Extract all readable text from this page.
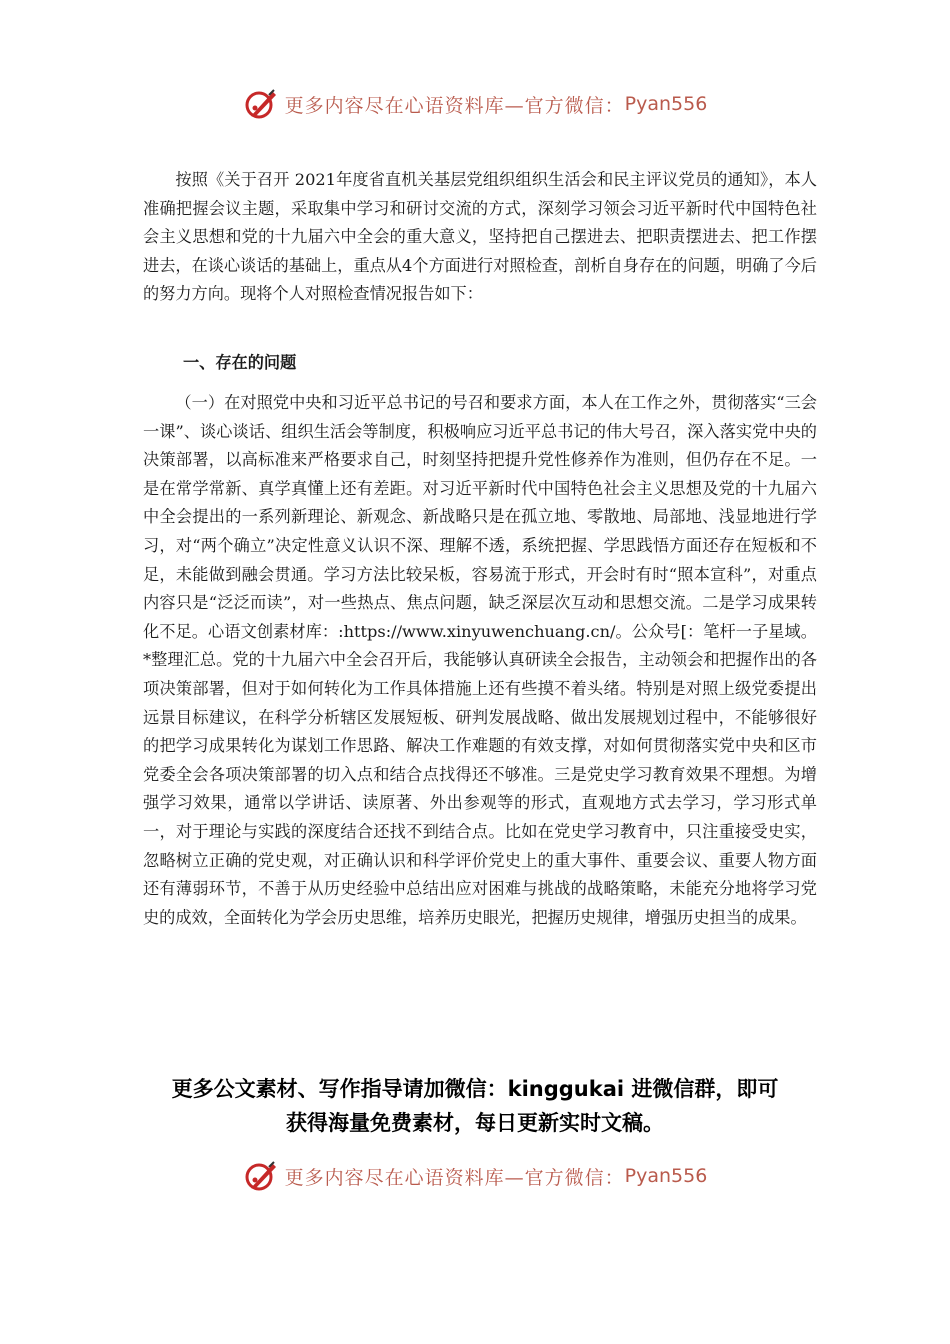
更多内容尽在心语资料库—官方微信： Pyan556

按照《关于召开 2021年度省直机关基层党组织组织生活会和民主评议党员的通知》，本人准确把握会议主题，采取集中学习和研讨交流的方式，深刻学习领会习近平新时代中国特色社会主义思想和党的十九届六中全会的重大意义，坚持把自己摆进去、把职责摆进去、把工作摆进去，在谈心谈话的基础上，重点从4个方面进行对照检查，剖析自身存在的问题，明确了今后的努力方向。现将个人对照检查情况报告如下：

一、存在的问题

（一）在对照党中央和习近平总书记的号召和要求方面，本人在工作之外，贯彻落实“三会一课”、谈心谈话、组织生活会等制度，积极响应习近平总书记的伟大号召，深入落实党中央的决策部署，以高标准来严格要求自己，时刻坚持把提升党性修养作为准则，但仍存在不足。一是在常学常新、真学真懂上还有差距。对习近平新时代中国特色社会主义思想及党的十九届六中全会提出的一系列新理论、新观念、新战略只是在孤立地、零散地、局部地、浅显地进行学习，对“两个确立”决定性意义认识不深、理解不透，系统把握、学思践悟方面还存在短板和不足，未能做到融会贯通。学习方法比较呆板，容易流于形式，开会时有时“照本宣科”，对重点内容只是“泛泛而读”，对一些热点、焦点问题，缺乏深层次互动和思想交流。二是学习成果转化不足。心语文创素材库：:https://www.xinyuwenchuang.cn/。公众号[：笔杆一子星域。*整理汇总。党的十九届六中全会召开后，我能够认真研读全会报告，主动领会和把握作出的各项决策部署，但对于如何转化为工作具体措施上还有些摸不着头绪。特别是对照上级党委提出远景目标建议，在科学分析辖区发展短板、研判发展战略、做出发展规划过程中，不能够很好的把学习成果转化为谋划工作思路、解决工作难题的有效支撑，对如何贯彻落实党中央和区市党委全会各项决策部署的切入点和结合点找得还不够准。三是党史学习教育效果不理想。为增强学习效果，通常以学讲话、读原著、外出参观等的形式，直观地方式去学习，学习形式单一，对于理论与实践的深度结合还找不到结合点。比如在党史学习教育中，只注重接受史实，忽略树立正确的党史观，对正确认识和科学评价党史上的重大事件、重要会议、重要人物方面还有薄弱环节，不善于从历史经验中总结出应对困难与挑战的战略策略，未能充分地将学习党史的成效，全面转化为学会历史思维，培养历史眼光，把握历史规律，增强历史担当的成果。

更多公文素材、写作指导请加微信：kinggukai 进微信群，即可
获得海量免费素材，每日更新实时文稿。
更多内容尽在心语资料库—官方微信： Pyan556
